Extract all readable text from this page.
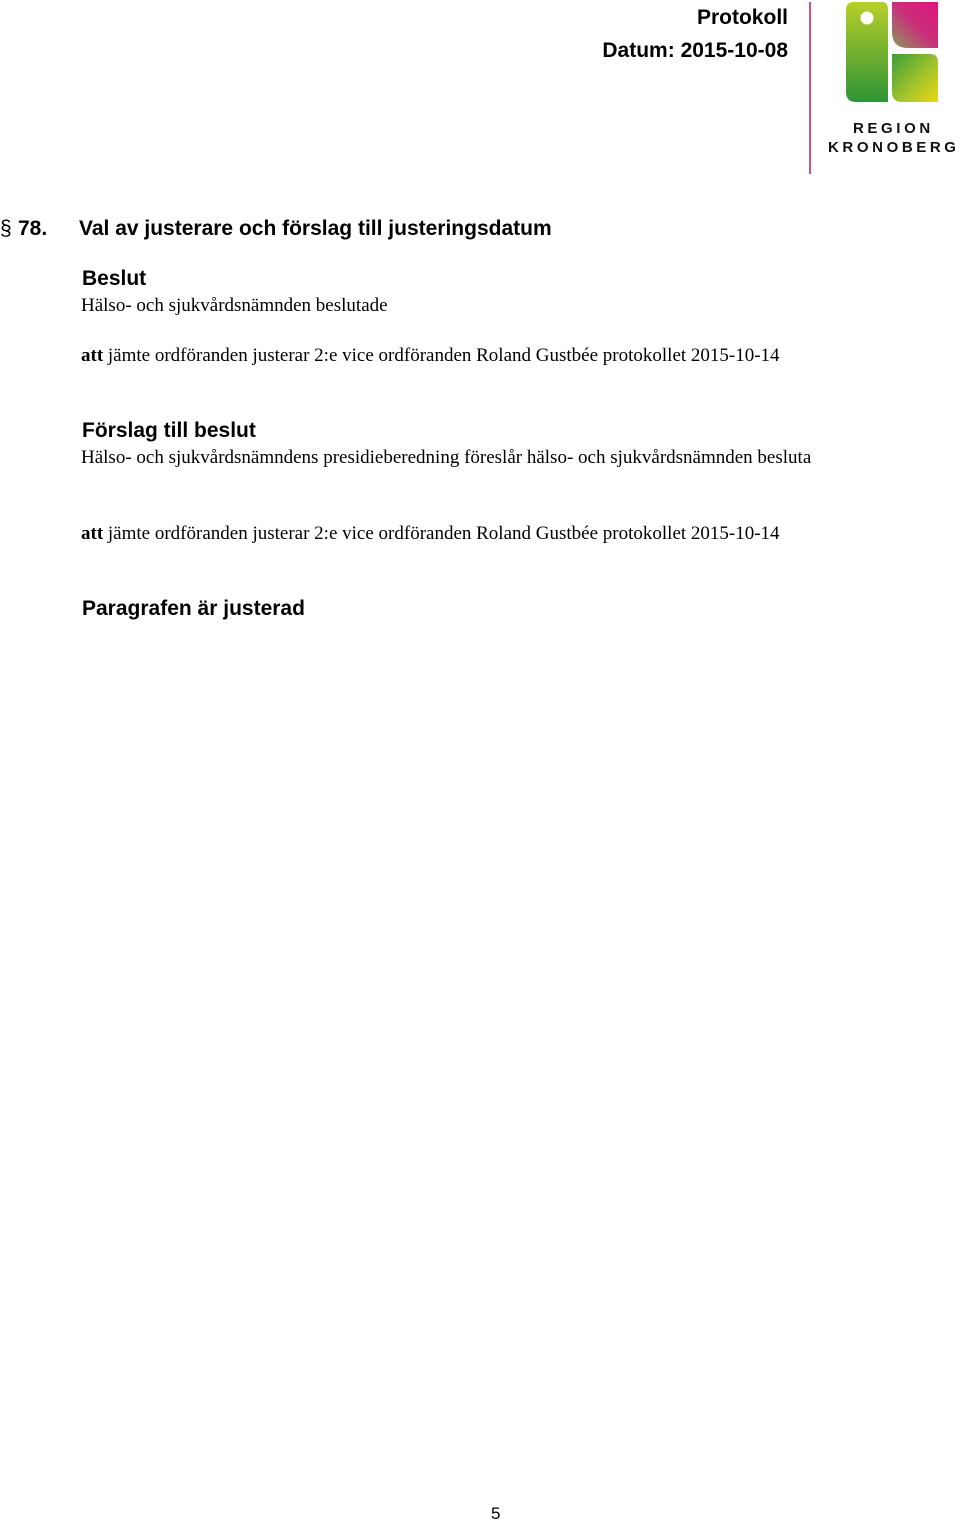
Protokoll
Datum: 2015-10-08
REGION
KRONOBERG
§ 78. Val av justerare och förslag till justeringsdatum
Beslut
Hälso- och sjukvårdsnämnden beslutade
att jämte ordföranden justerar 2:e vice ordföranden Roland Gustbée protokollet 2015-10-14
Förslag till beslut
Hälso- och sjukvårdsnämndens presidieberedning föreslår hälso- och sjukvårdsnämnden besluta
att jämte ordföranden justerar 2:e vice ordföranden Roland Gustbée protokollet 2015-10-14
Paragrafen är justerad
5
